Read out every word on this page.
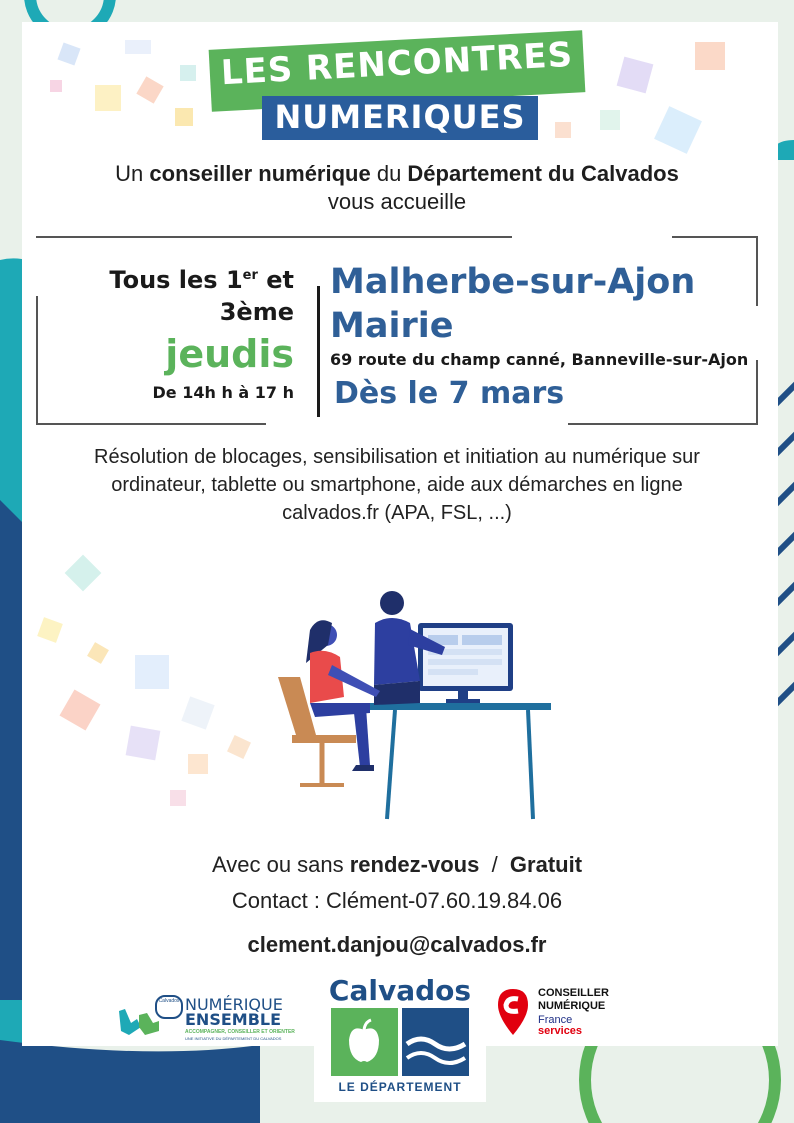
LES RENCONTRES
NUMERIQUES
Un conseiller numérique du Département du Calvados
vous accueille
Tous les 1er et
3ème
jeudis
De 14h h à 17 h
Malherbe-sur-Ajon
Mairie
69 route du champ canné, Banneville-sur-Ajon
Dès le 7 mars
Résolution de blocages, sensibilisation et initiation au numérique sur ordinateur, tablette ou smartphone, aide aux démarches en ligne calvados.fr (APA, FSL, ...)
Avec ou sans rendez-vous  /  Gratuit
Contact : Clément-07.60.19.84.06
clement.danjou@calvados.fr
Calvados NUMÉRIQUE
ENSEMBLE
ACCOMPAGNER, CONSEILLER ET ORIENTER
UNE INITIATIVE DU DÉPARTEMENT DU CALVADOS
Calvados
LE DÉPARTEMENT
CONSEILLER
NUMÉRIQUE
France
services
